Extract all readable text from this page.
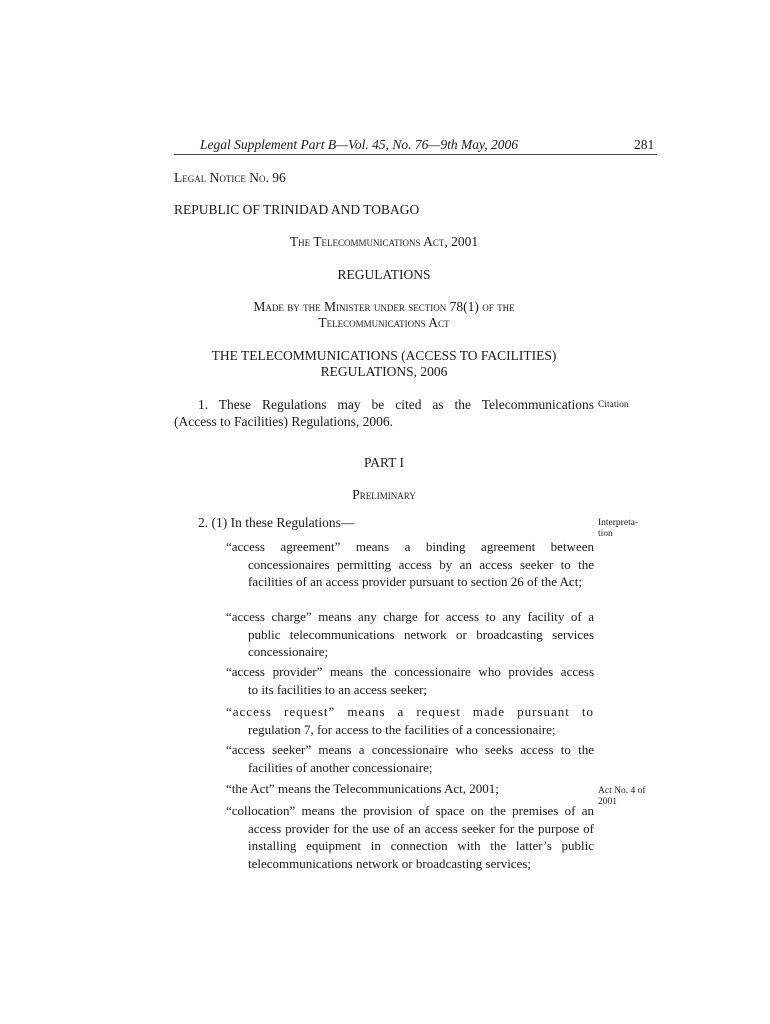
Legal Supplement Part B—Vol. 45, No. 76—9th May, 2006	281
Legal Notice No. 96
REPUBLIC OF TRINIDAD AND TOBAGO
The Telecommunications Act, 2001
REGULATIONS
Made by the Minister under section 78(1) of the
Telecommunications Act
THE TELECOMMUNICATIONS (ACCESS TO FACILITIES)
REGULATIONS, 2006
1. These Regulations may be cited as the Telecommunications
(Access to Facilities) Regulations, 2006.
Citation
PART I
Preliminary
2. (1) In these Regulations—	Interpreta-tion
“access agreement” means a binding agreement between
concessionaires permitting access by an access seeker to the facilities of an access provider pursuant to section 26 of the Act;
“access charge” means any charge for access to any facility of a
public telecommunications network or broadcasting services concessionaire;
“access provider” means the concessionaire who provides access
to its facilities to an access seeker;
“access request” means a request made pursuant to
regulation 7, for access to the facilities of a concessionaire;
“access seeker” means a concessionaire who seeks access to the
facilities of another concessionaire;
“the Act” means the Telecommunications Act, 2001;	Act No. 4 of 2001
“collocation” means the provision of space on the premises of an
access provider for the use of an access seeker for the purpose of installing equipment in connection with the latter’s public telecommunications network or broadcasting services;
